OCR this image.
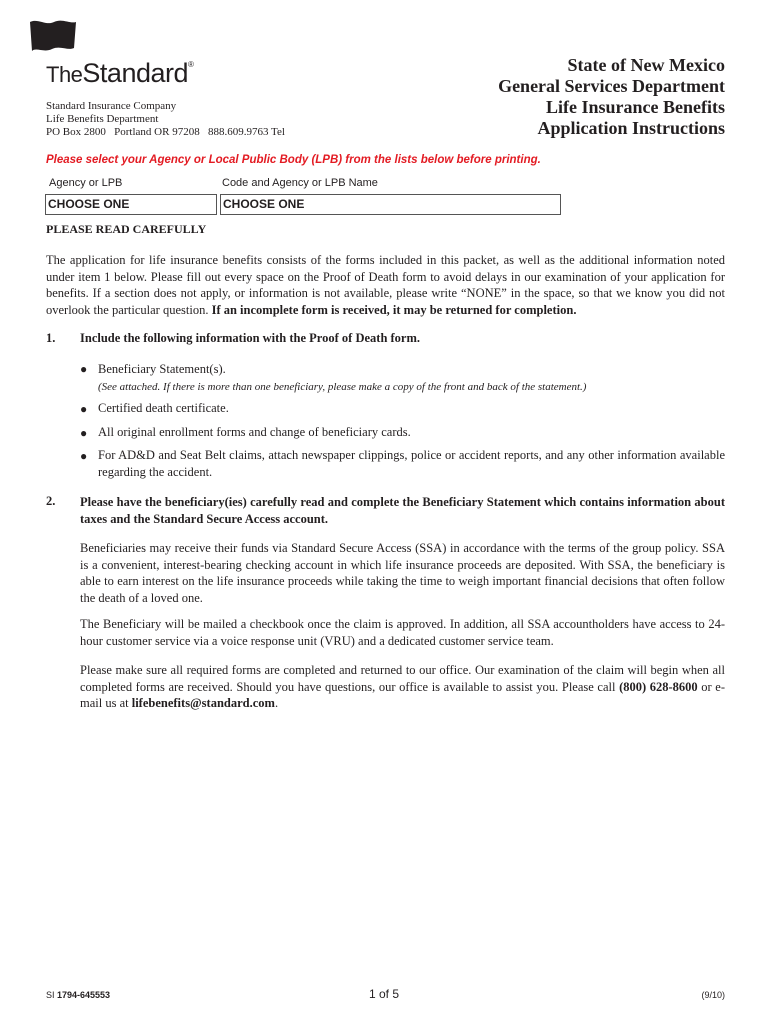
TheStandard®
Standard Insurance Company
Life Benefits Department
PO Box 2800   Portland OR 97208   888.609.9763 Tel
State of New Mexico
General Services Department
Life Insurance Benefits
Application Instructions
Please select your Agency or Local Public Body (LPB) from the lists below before printing.
Agency or LPB	Code and Agency or LPB Name
CHOOSE ONE	CHOOSE ONE
PLEASE READ CAREFULLY
The application for life insurance benefits consists of the forms included in this packet, as well as the additional information noted under item 1 below. Please fill out every space on the Proof of Death form to avoid delays in our examination of your application for benefits. If a section does not apply, or information is not available, please write “NONE” in the space, so that we know you did not overlook the particular question. If an incomplete form is received, it may be returned for completion.
1. Include the following information with the Proof of Death form.
● Beneficiary Statement(s).
(See attached. If there is more than one beneficiary, please make a copy of the front and back of the statement.)
● Certified death certificate.
● All original enrollment forms and change of beneficiary cards.
● For AD&D and Seat Belt claims, attach newspaper clippings, police or accident reports, and any other information available regarding the accident.
2. Please have the beneficiary(ies) carefully read and complete the Beneficiary Statement which contains information about taxes and the Standard Secure Access account.
Beneficiaries may receive their funds via Standard Secure Access (SSA) in accordance with the terms of the group policy. SSA is a convenient, interest-bearing checking account in which life insurance proceeds are deposited. With SSA, the beneficiary is able to earn interest on the life insurance proceeds while taking the time to weigh important financial decisions that often follow the death of a loved one.
The Beneficiary will be mailed a checkbook once the claim is approved. In addition, all SSA accountholders have access to 24-hour customer service via a voice response unit (VRU) and a dedicated customer service team.
Please make sure all required forms are completed and returned to our office. Our examination of the claim will begin when all completed forms are received. Should you have questions, our office is available to assist you. Please call (800) 628-8600 or e-mail us at lifebenefits@standard.com.
SI 1794-645553	1 of 5	(9/10)
